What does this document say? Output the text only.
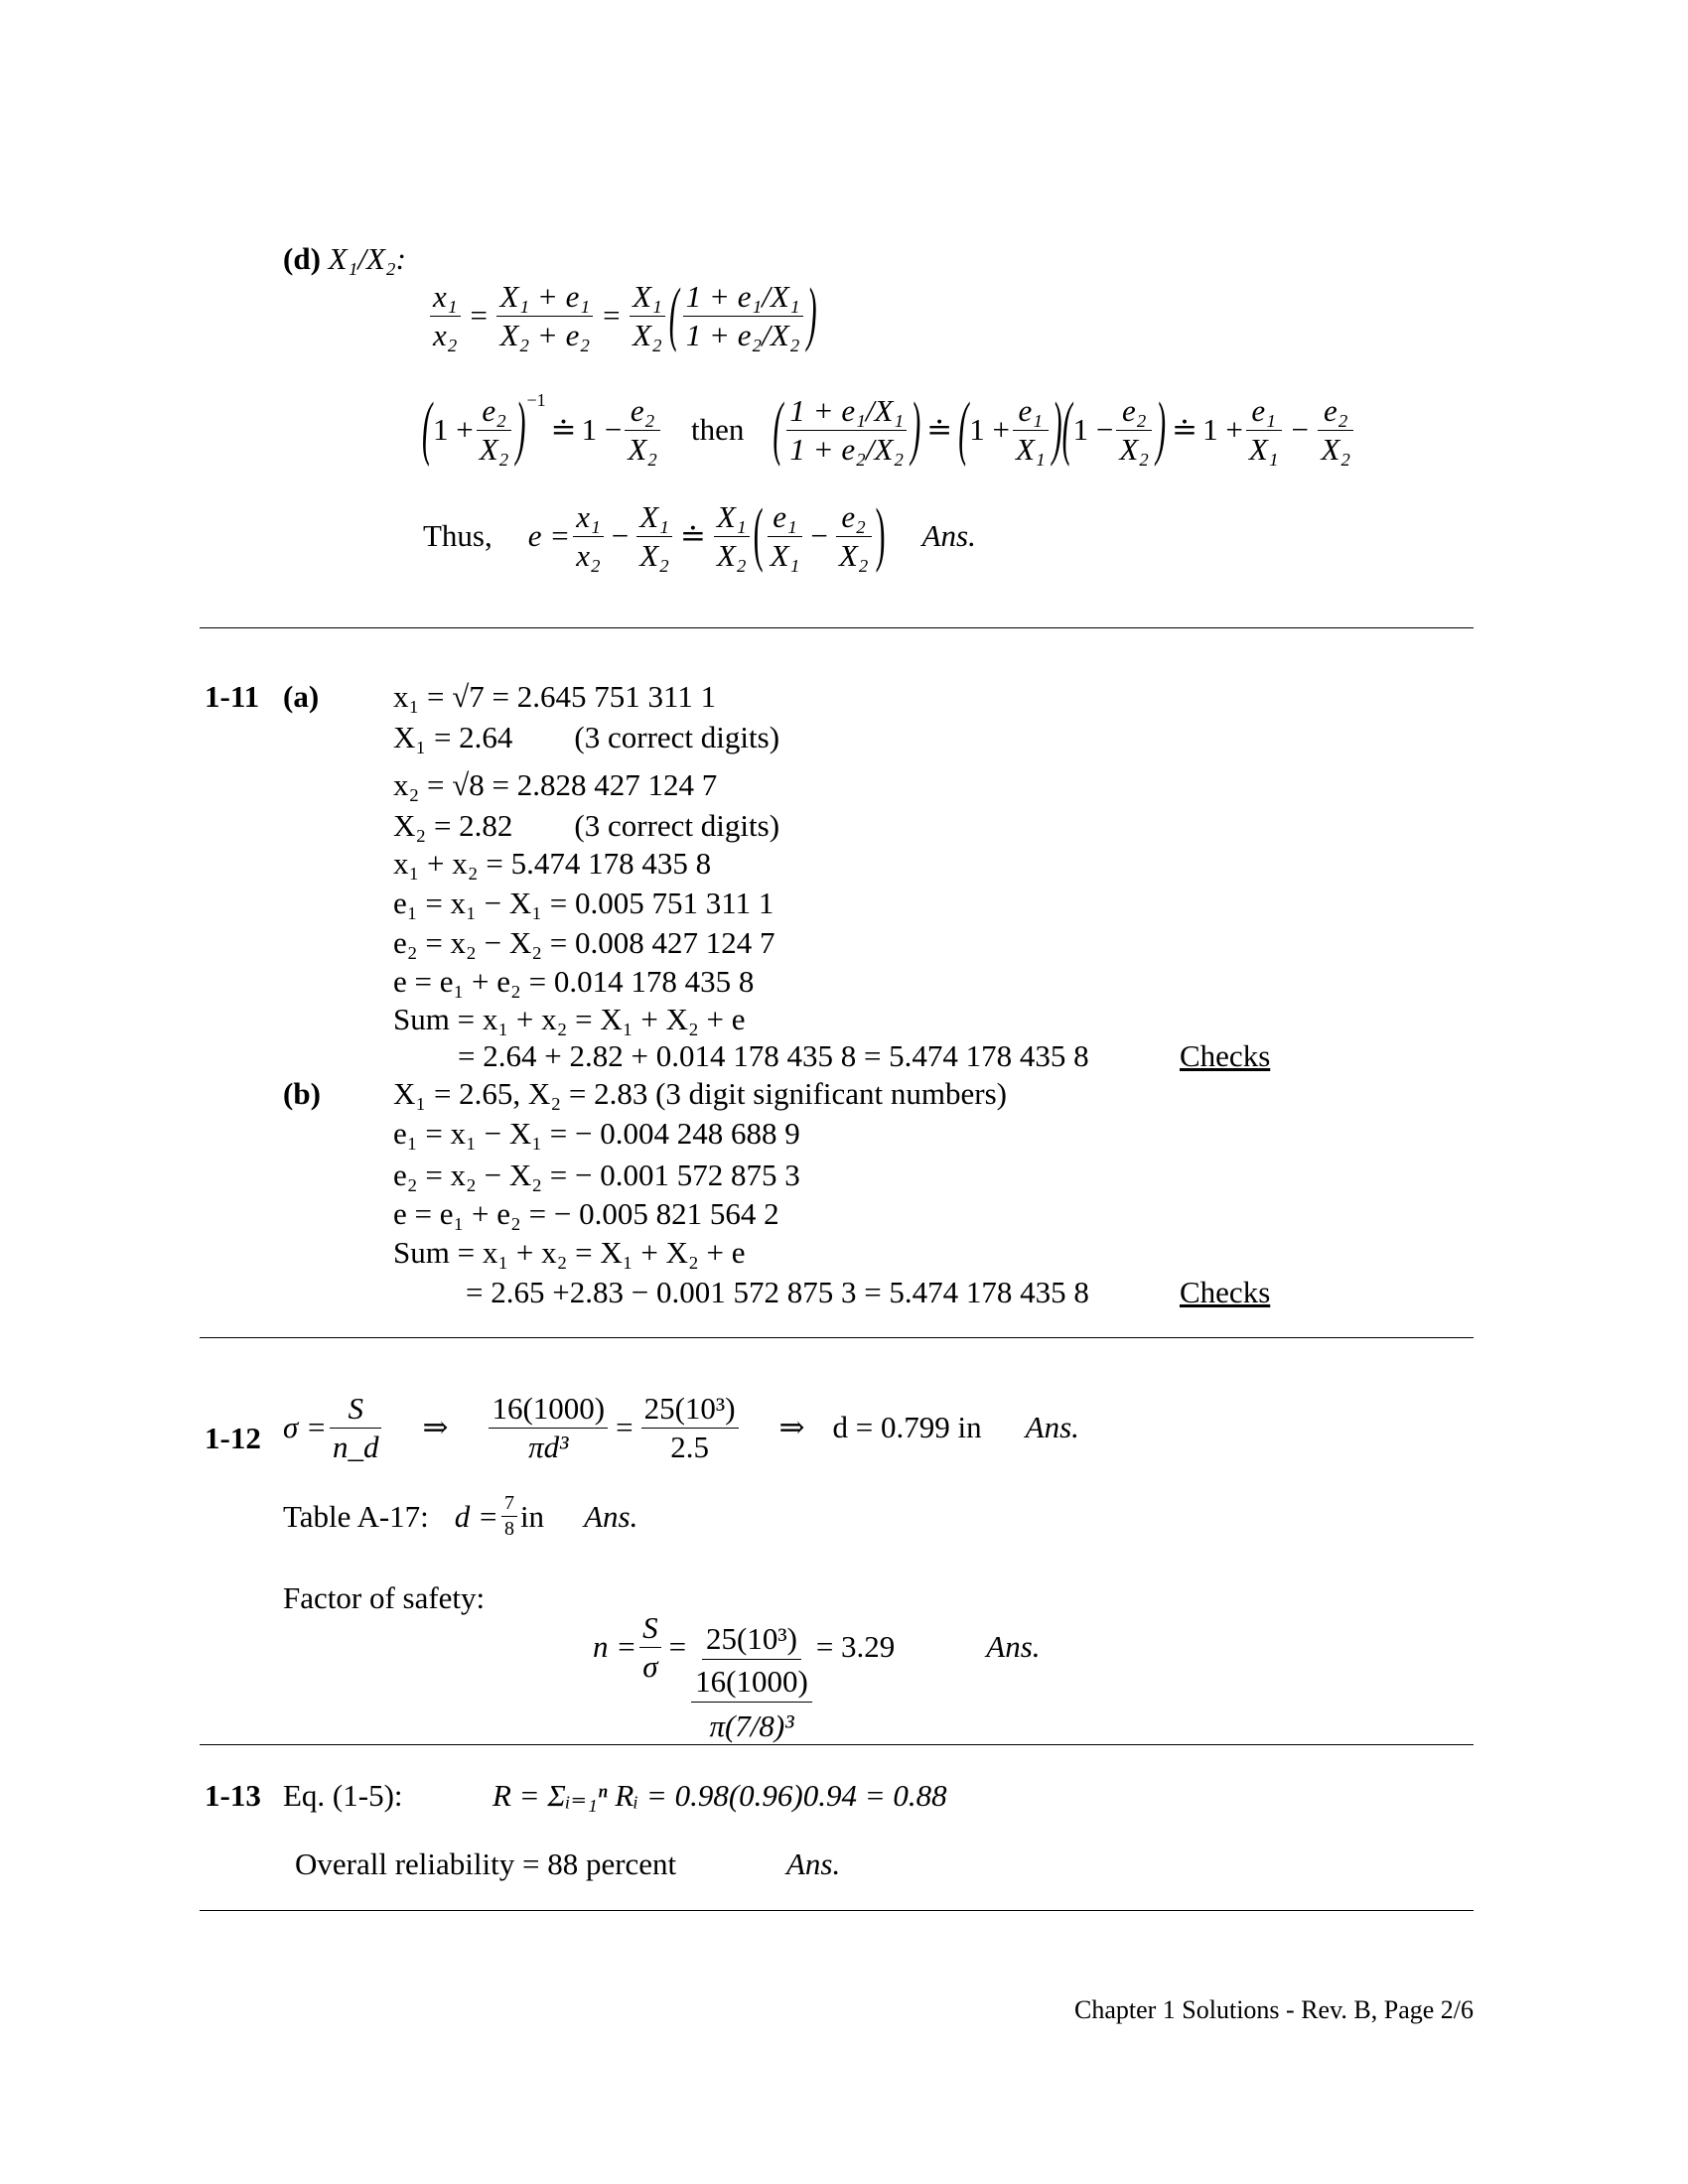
(d) X₁/X₂:
$\frac{\text{x₁}}{\text{x₂}} = \frac{\text{X₁ + e₁}}{\text{X₂ + e₂}} = \frac{\text{X₁}}{\text{X₂}}$ ( $\frac{\text{1 + e₁/X₁}}{\text{1 + e₂/X₂}}$ )
( $1 + \frac{\text{e₂}}{\text{X₂}}$ ) −1
≐ $1 - \frac{\text{e₂}}{\text{X₂}}$ then ( $\frac{\text{1 + e₁/X₁}}{\text{1 + e₂/X₂}}$ ) ≐ ( $1 + \frac{\text{e₁}}{\text{X₁}}$ )( $1 - \frac{\text{e₂}}{\text{X₂}}$ ) ≐ $1 + \frac{\text{e₁}}{\text{X₁}} - \frac{\text{e₂}}{\text{X₂}}$
Thus, $e = \frac{\text{x₁}}{\text{x₂}} - \frac{\text{X₁}}{\text{X₂}}$ ≐ $\frac{\text{X₁}}{\text{X₂}}$ ( $\frac{\text{e₁}}{\text{X₁}} - \frac{\text{e₂}}{\text{X₂}}$ ) Ans.
1-11 (a) x₁ = √7 = 2.645 751 311 1
X₁ = 2.64        (3 correct digits)
x₂ = √8 = 2.828 427 124 7
X₂ = 2.82        (3 correct digits)
x₁ + x₂ = 5.474 178 435 8
e₁ = x₁ − X₁ = 0.005 751 311 1
e₂ = x₂ − X₂ = 0.008 427 124 7
e = e₁ + e₂ = 0.014 178 435 8
Sum = x₁ + x₂ = X₁ + X₂ + e
= 2.64 + 2.82 + 0.014 178 435 8 = 5.474 178 435 8	Checks
(b) X₁ = 2.65, X₂ = 2.83 (3 digit significant numbers)
e₁ = x₁ − X₁ = − 0.004 248 688 9
e₂ = x₂ − X₂ = − 0.001 572 875 3
e = e₁ + e₂ = − 0.005 821 564 2
Sum = x₁ + x₂ = X₁ + X₂ + e
= 2.65 +2.83 − 0.001 572 875 3 = 5.474 178 435 8	Checks
1-12 $\sigma = \frac{S}{n\_d}$ ⇒ $\frac{16(1000)}{\text{πd³}} = \frac{\text{25(10³)}}{2.5}$ ⇒ d = 0.799 in Ans.
Table A-17: $d = \frac{7}{8}$ in Ans.
Factor of safety:
$n = \frac{S}{\sigma} = 25(10^3)$
16(1000)
π(7/8)³
= 3.29	Ans.
1-13 Eq. (1-5):	R = Σᵢ₌₁ⁿ Rᵢ = 0.98(0.96)0.94 = 0.88
Overall reliability = 88 percent	Ans.
Chapter 1 Solutions - Rev. B, Page 2/6
